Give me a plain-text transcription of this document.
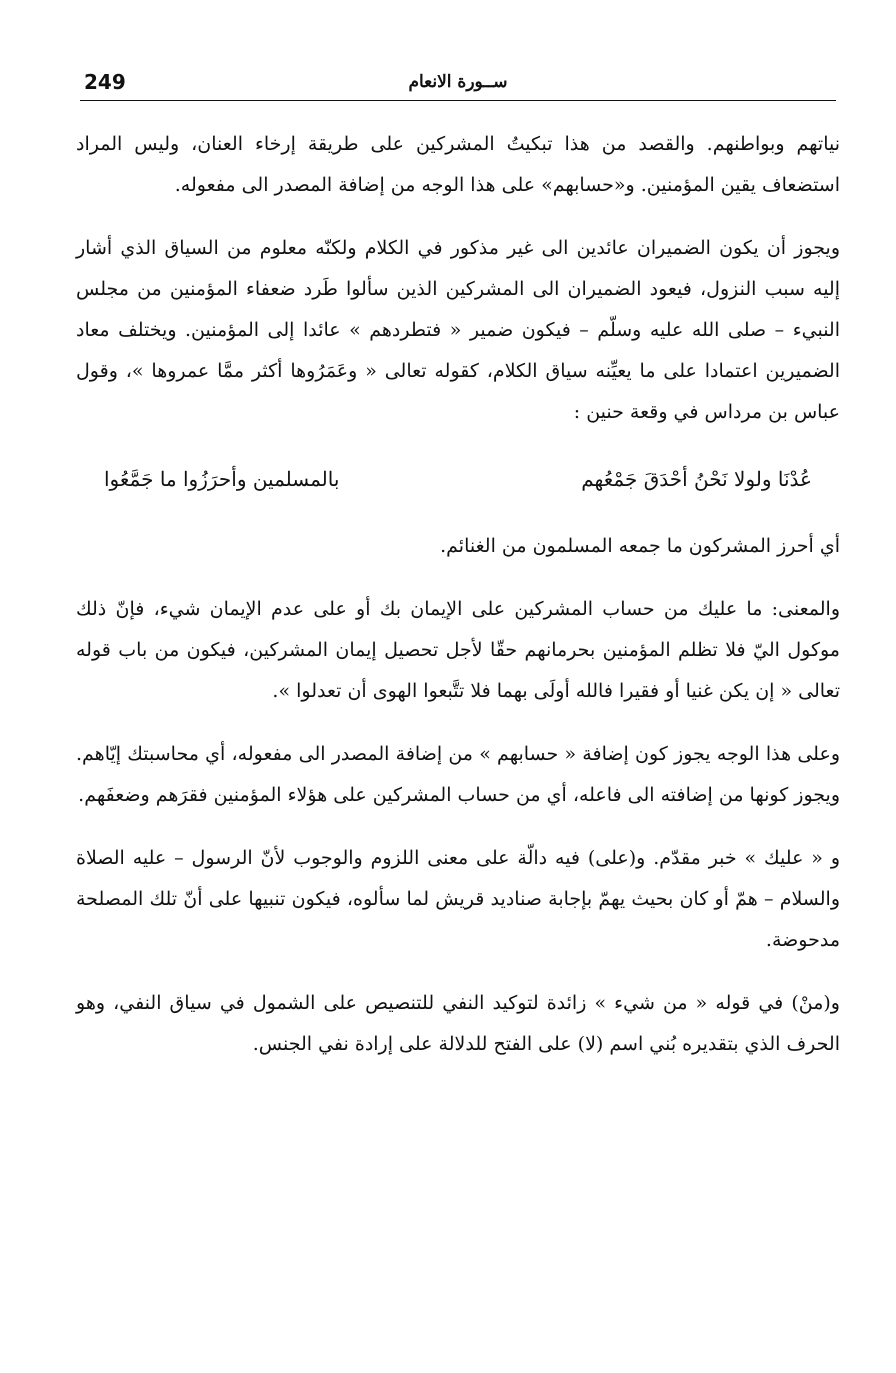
249	ســورة الانعام

نياتهم وبواطنهم. والقصد من هذا تبكيتُ المشركين على طريقة إرخاء العنان، وليس المراد استضعاف يقين المؤمنين. و«حسابهم» على هذا الوجه من إضافة المصدر الى مفعوله.

ويجوز أن يكون الضميران عائدين الى غير مذكور في الكلام ولكنّه معلوم من السياق الذي أشار إليه سبب النزول، فيعود الضميران الى المشركين الذين سألوا طَرد ضعفاء المؤمنين من مجلس النبيء – صلى الله عليه وسلّم – فيكون ضمير « فتطردهم » عائدا إلى المؤمنين. ويختلف معاد الضميرين اعتمادا على ما يعيِّنه سياق الكلام، كقوله تعالى « وعَمَرُوها أكثر ممَّا عمروها »، وقول عباس بن مرداس في وقعة حنين :

عُدْنَا ولولا نَحْنُ أحْدَقَ جَمْعُهم
بالمسلمين وأحرَزُوا ما جَمَّعُوا

أي أحرز المشركون ما جمعه المسلمون من الغنائم.

والمعنى: ما عليك من حساب المشركين على الإيمان بك أو على عدم الإيمان شيء، فإنّ ذلك موكول اليّ فلا تظلم المؤمنين بحرمانهم حقّا لأجل تحصيل إيمان المشركين، فيكون من باب قوله تعالى « إن يكن غنيا أو فقيرا فالله أولَى بهما فلا تتَّبعوا الهوى أن تعدلوا ».

وعلى هذا الوجه يجوز كون إضافة « حسابهم » من إضافة المصدر الى مفعوله، أي محاسبتك إيّاهم. ويجوز كونها من إضافته الى فاعله، أي من حساب المشركين على هؤلاء المؤمنين فقرَهم وضعفَهم.

و « عليك » خبر مقدّم. و(على) فيه دالّة على معنى اللزوم والوجوب لأنّ الرسول – عليه الصلاة والسلام – همّ أو كان بحيث يهمّ بإجابة صناديد قريش لما سألوه، فيكون تنبيها على أنّ تلك المصلحة مدحوضة.

و(منْ) في قوله « من شيء » زائدة لتوكيد النفي للتنصيص على الشمول في سياق النفي، وهو الحرف الذي بتقديره بُني اسم (لا) على الفتح للدلالة على إرادة نفي الجنس.
